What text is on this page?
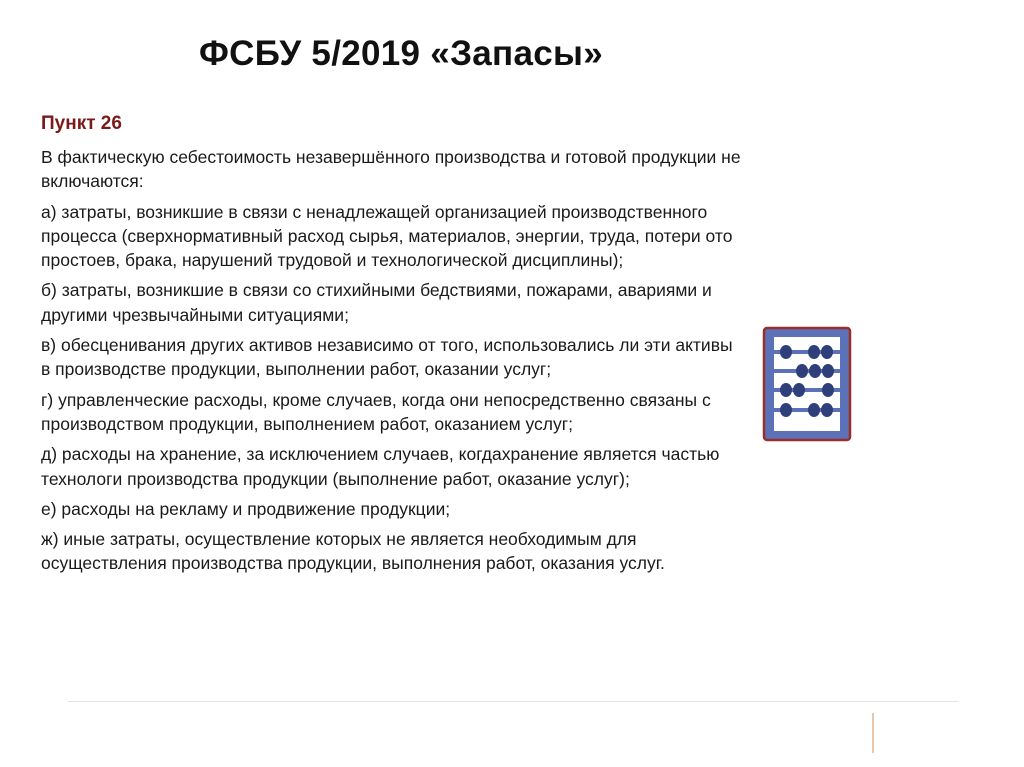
ФСБУ 5/2019 «Запасы»
Пункт 26

В фактическую себестоимость незавершённого производства и готовой продукции не включаются:

а) затраты, возникшие в связи с ненадлежащей организацией производственного процесса (сверхнормативный расход сырья, материалов, энергии, труда, потери ото простоев, брака, нарушений трудовой и технологической дисциплины);

б) затраты, возникшие в связи со стихийными бедствиями, пожарами, авариями и другими чрезвычайными ситуациями;

в) обесценивания других активов независимо от того, использовались ли эти активы в производстве продукции, выполнении работ, оказании услуг;

г) управленческие расходы, кроме случаев, когда они непосредственно связаны с производством продукции, выполнением работ, оказанием услуг;

д) расходы на хранение, за исключением случаев, когдахранение является частью технологи производства продукции (выполнение работ, оказание услуг);

е) расходы на рекламу и продвижение продукции;

ж) иные затраты, осуществление которых не является необходимым для осуществления производства продукции, выполнения работ, оказания услуг.
